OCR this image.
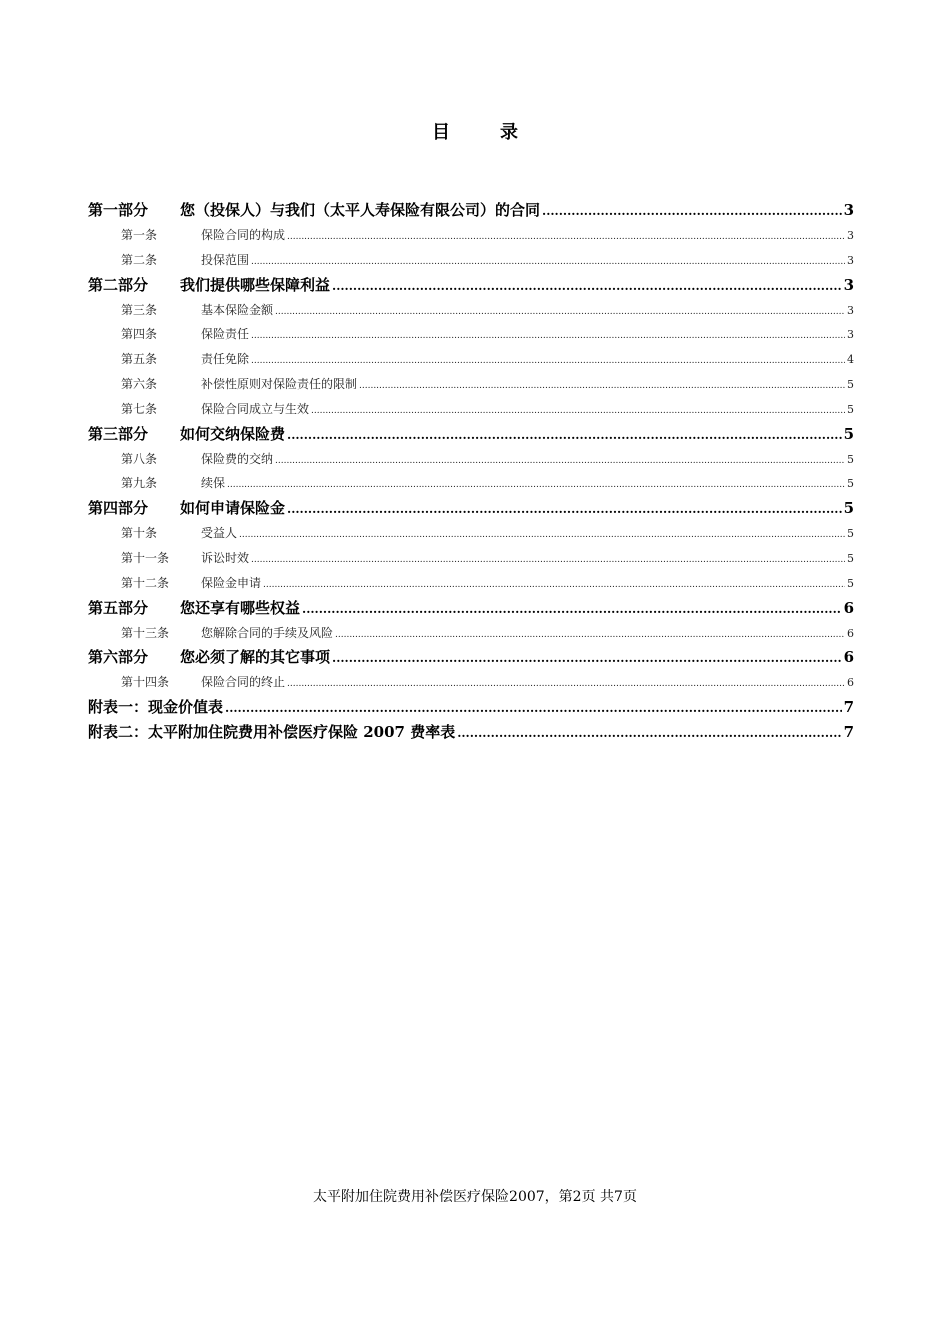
目	录
第一部分	您（投保人）与我们（太平人寿保险有限公司）的合同 .....	3
第一条	保险合同的构成 .....	3
第二条	投保范围 .....	3
第二部分	我们提供哪些保障利益 .....	3
第三条	基本保险金额 .....	3
第四条	保险责任 .....	3
第五条	责任免除 .....	4
第六条	补偿性原则对保险责任的限制 .....	5
第七条	保险合同成立与生效 .....	5
第三部分	如何交纳保险费 .....	5
第八条	保险费的交纳 .....	5
第九条	续保 .....	5
第四部分	如何申请保险金 .....	5
第十条	受益人 .....	5
第十一条	诉讼时效 .....	5
第十二条	保险金申请 .....	5
第五部分	您还享有哪些权益 .....	6
第十三条	您解除合同的手续及风险 .....	6
第六部分	您必须了解的其它事项 .....	6
第十四条	保险合同的终止 .....	6
附表一：现金价值表 .....	7
附表二：太平附加住院费用补偿医疗保险 2007 费率表 .....	7
太平附加住院费用补偿医疗保险2007，第2页 共7页
